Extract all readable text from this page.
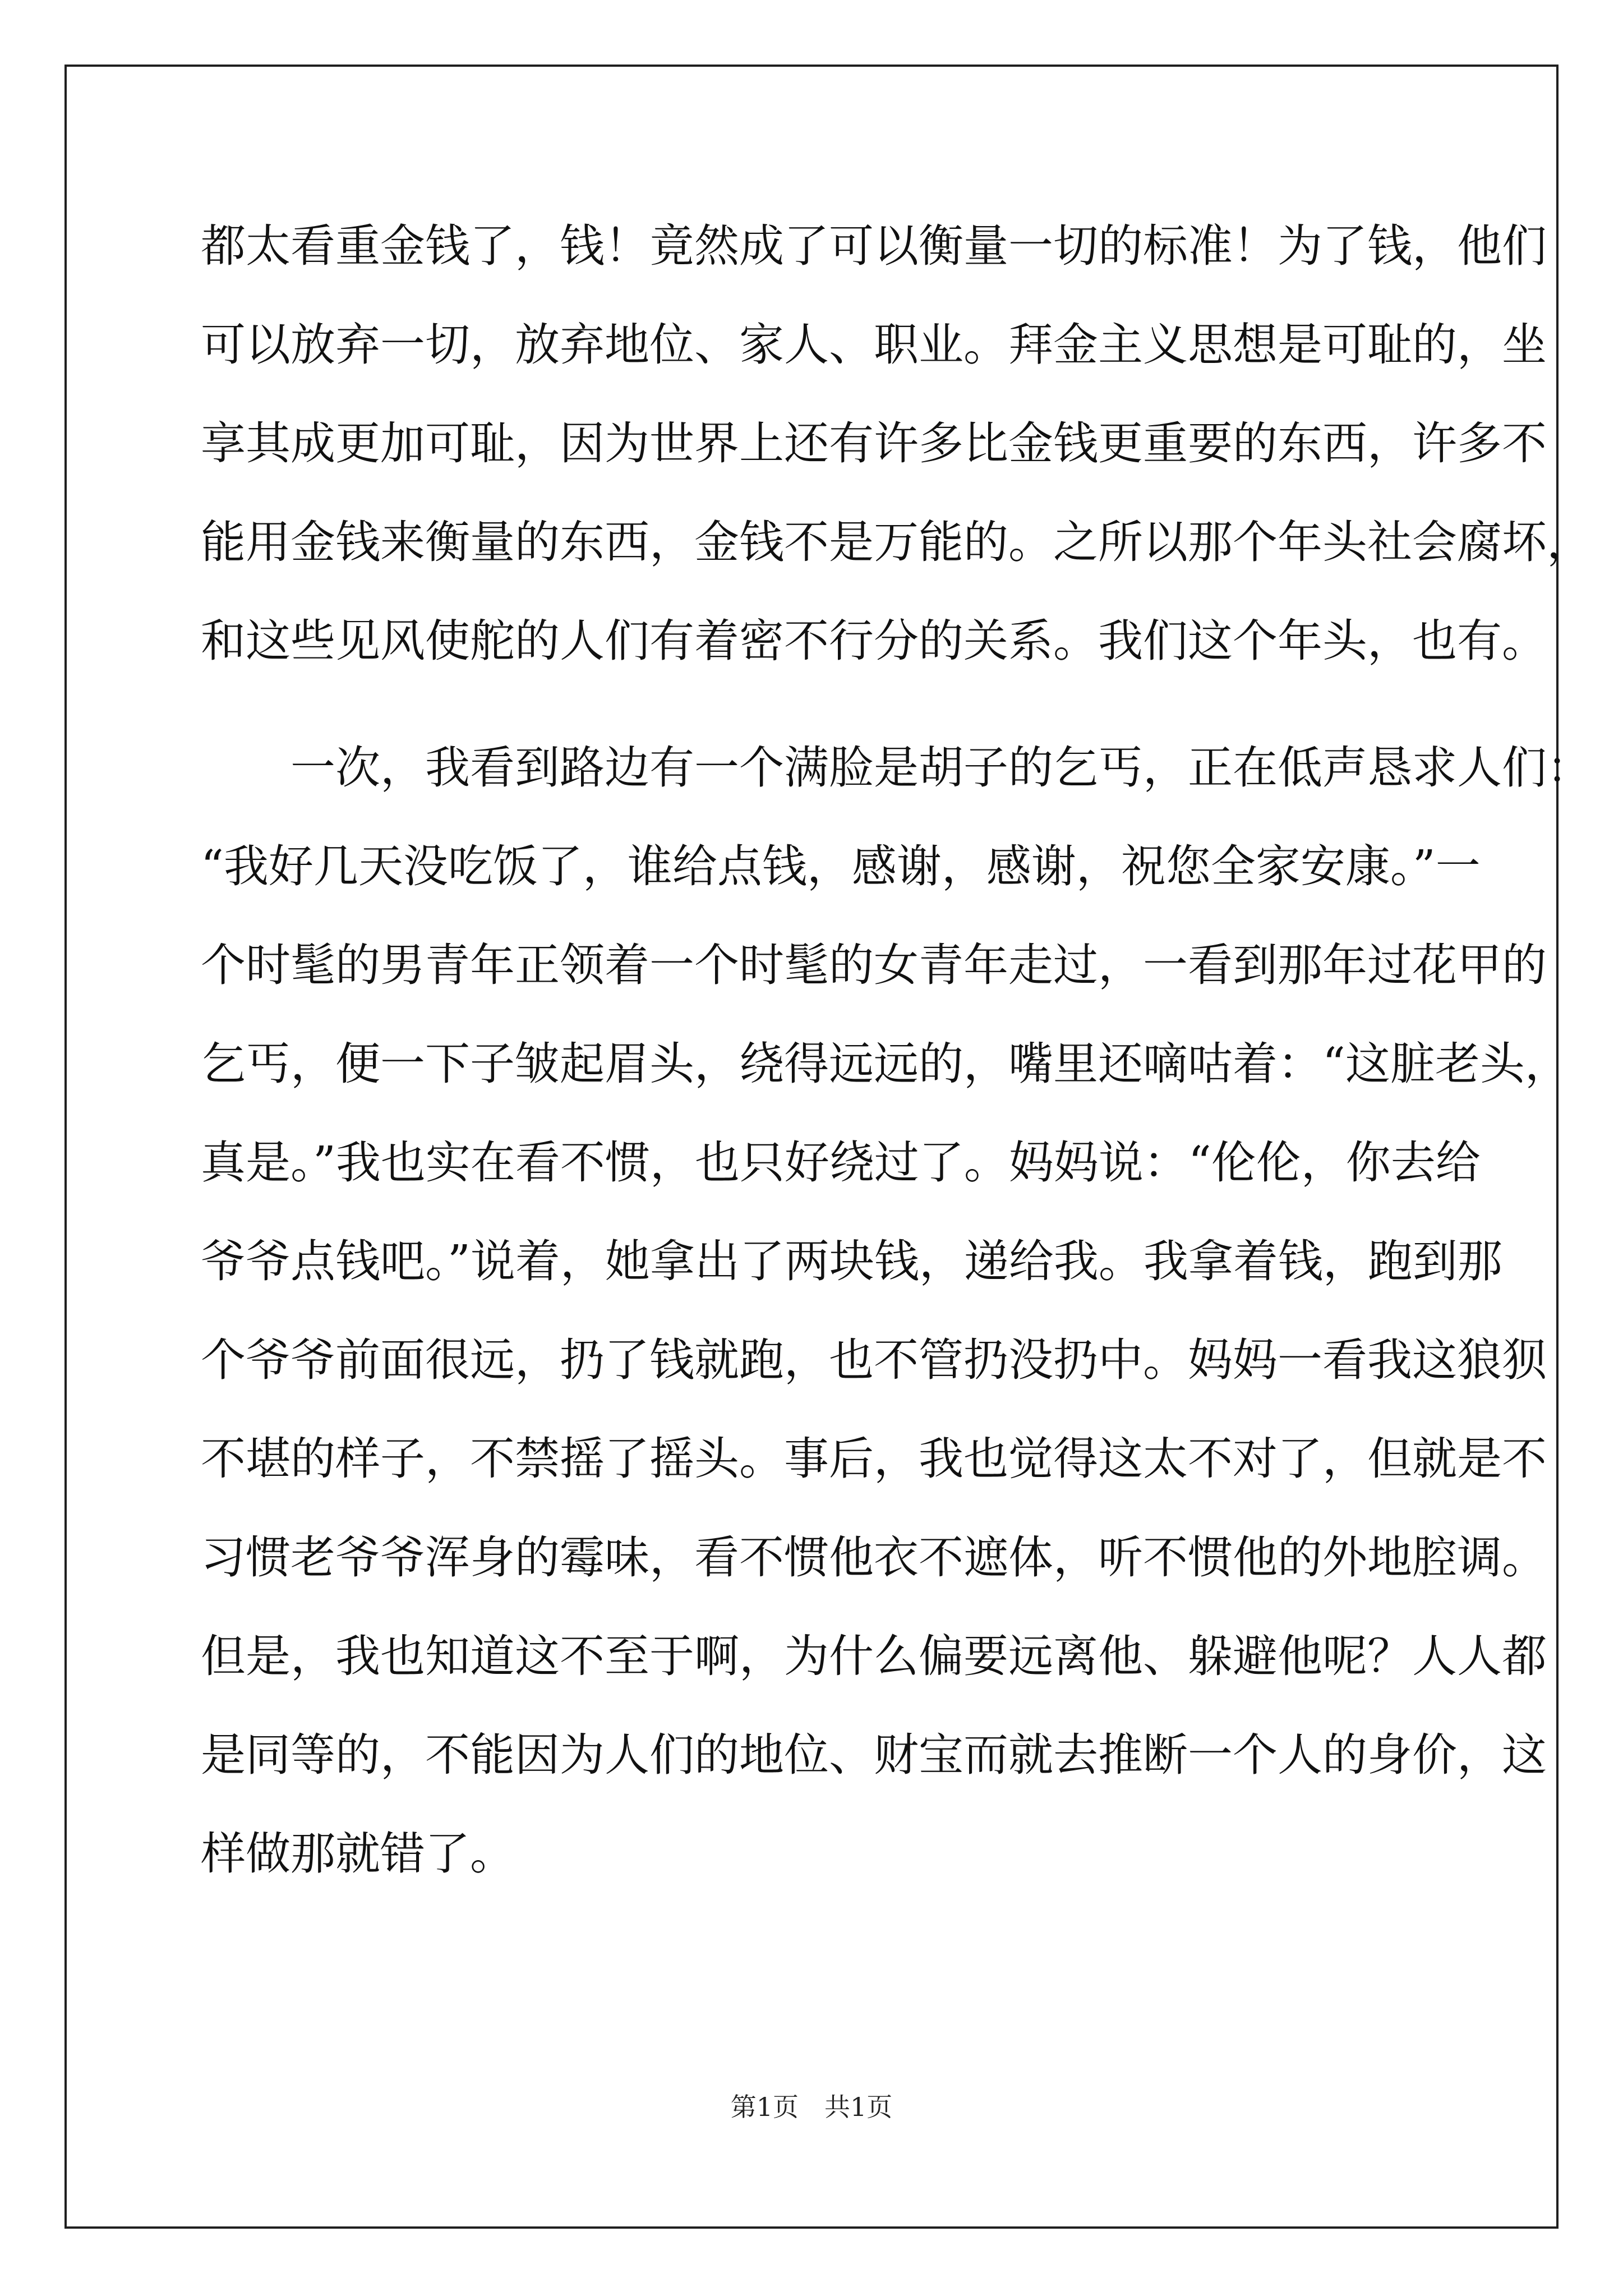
都太看重金钱了，钱！竟然成了可以衡量一切的标准！为了钱，他们
可以放弃一切，放弃地位、家人、职业。拜金主义思想是可耻的，坐
享其成更加可耻，因为世界上还有许多比金钱更重要的东西，许多不
能用金钱来衡量的东西，金钱不是万能的。之所以那个年头社会腐坏，
和这些见风使舵的人们有着密不行分的关系。我们这个年头，也有。
　　一次，我看到路边有一个满脸是胡子的乞丐，正在低声恳求人们：
“我好几天没吃饭了，谁给点钱，感谢，感谢，祝您全家安康。”一
个时髦的男青年正领着一个时髦的女青年走过，一看到那年过花甲的
乞丐，便一下子皱起眉头，绕得远远的，嘴里还嘀咕着：“这脏老头，
真是。”我也实在看不惯，也只好绕过了。妈妈说：“伦伦，你去给
爷爷点钱吧。”说着，她拿出了两块钱，递给我。我拿着钱，跑到那
个爷爷前面很远，扔了钱就跑，也不管扔没扔中。妈妈一看我这狼狈
不堪的样子，不禁摇了摇头。事后，我也觉得这太不对了，但就是不
习惯老爷爷浑身的霉味，看不惯他衣不遮体，听不惯他的外地腔调。
但是，我也知道这不至于啊，为什么偏要远离他、躲避他呢？人人都
是同等的，不能因为人们的地位、财宝而就去推断一个人的身价，这
样做那就错了。
第1页　共1页
